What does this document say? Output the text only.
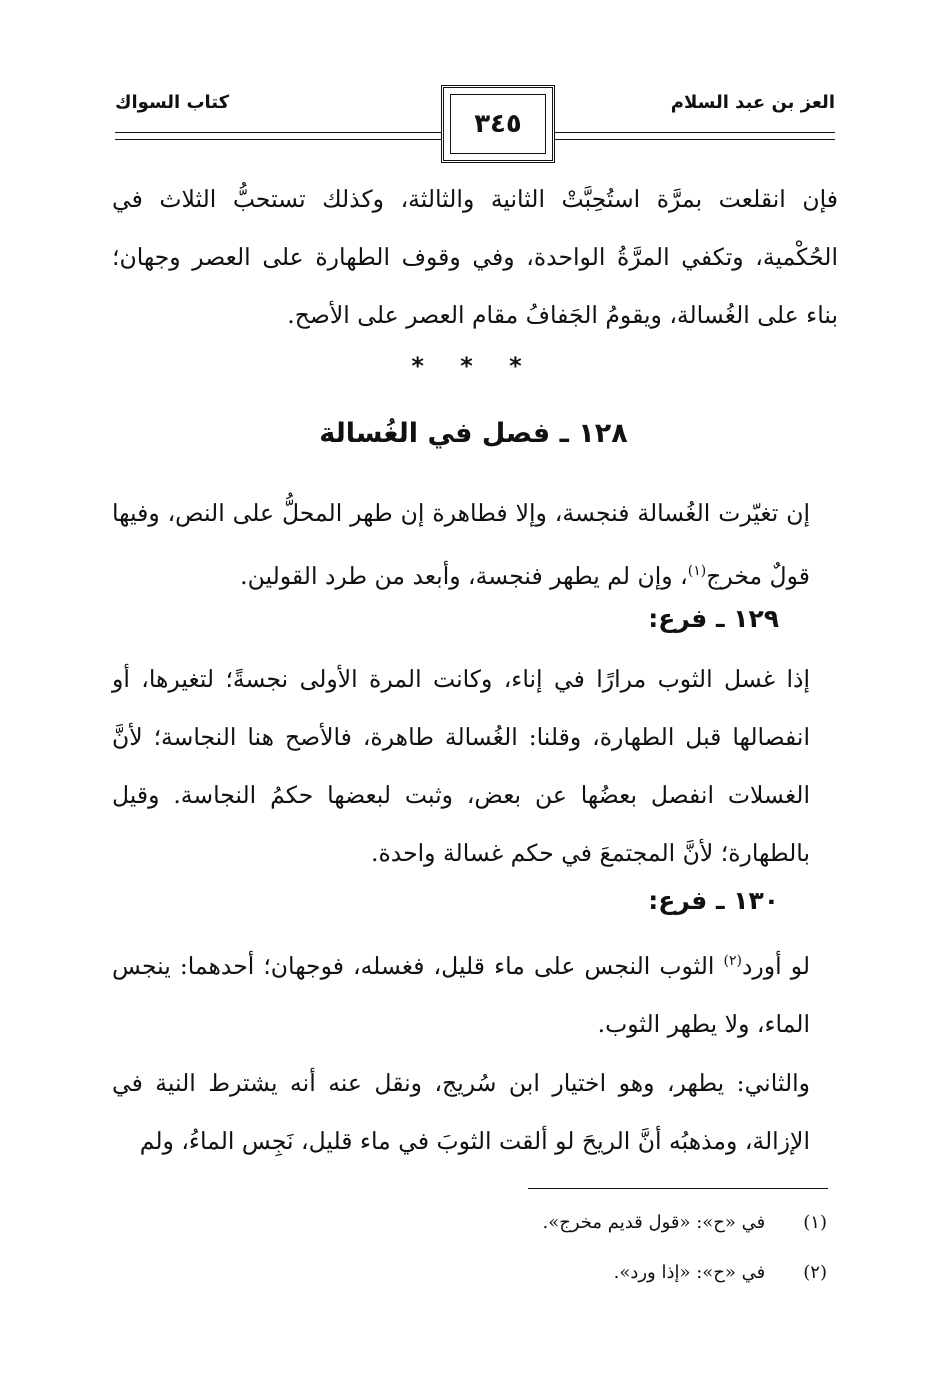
كتاب السواك	العز بن عبد السلام
٣٤٥

فإن انقلعت بمرَّة استُحِبَّتْ الثانية والثالثة، وكذلك تستحبُّ الثلاث في الحُكْمية، وتكفي المرَّةُ الواحدة، وفي وقوف الطهارة على العصر وجهان؛ بناء على الغُسالة، ويقومُ الجَفافُ مقام العصر على الأصح.

* * *
١٢٨ ـ فصل في الغُسالة

إن تغيّرت الغُسالة فنجسة، وإلا فطاهرة إن طهر المحلُّ على النص، وفيها قولٌ مخرج$^{(١)}$، وإن لم يطهر فنجسة، وأبعد من طرد القولين.

١٢٩ ـ فرع:

إذا غسل الثوب مرارًا في إناء، وكانت المرة الأولى نجسةً؛ لتغيرها، أو انفصالها قبل الطهارة، وقلنا: الغُسالة طاهرة، فالأصح هنا النجاسة؛ لأنَّ الغسلات انفصل بعضُها عن بعض، وثبت لبعضها حكمُ النجاسة. وقيل بالطهارة؛ لأنَّ المجتمعَ في حكم غسالة واحدة.

١٣٠ ـ فرع:

لو أورد$^{(٢)}$ الثوب النجس على ماء قليل، فغسله، فوجهان؛ أحدهما: ينجس الماء، ولا يطهر الثوب.

والثاني: يطهر، وهو اختيار ابن سُريج، ونقل عنه أنه يشترط النية في الإزالة، ومذهبُه أنَّ الريحَ لو ألقت الثوبَ في ماء قليل، نَجِس الماءُ، ولم

(١) في «ح»: «قول قديم مخرج».
(٢) في «ح»: «إذا ورد».
